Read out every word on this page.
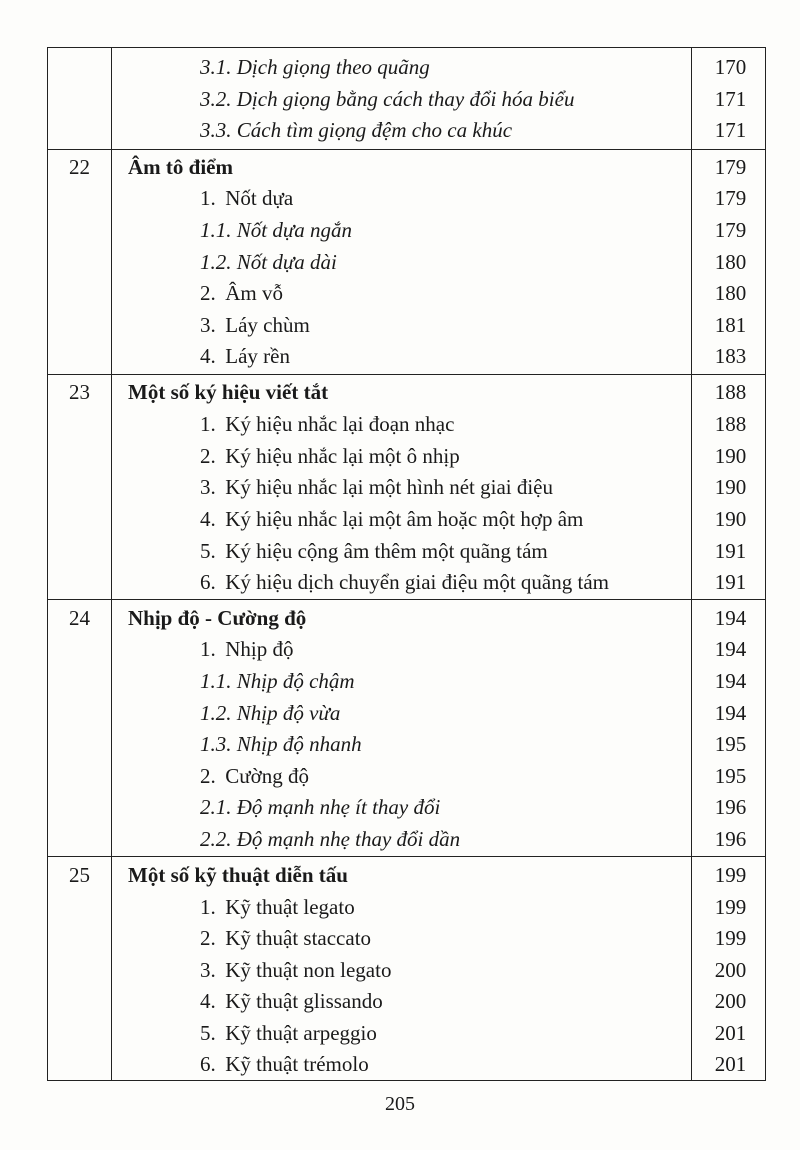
3.1. Dịch giọng theo quãng	170
3.2. Dịch giọng bằng cách thay đổi hóa biểu	171
3.3. Cách tìm giọng đệm cho ca khúc	171
22	Âm tô điểm	179
1. Nốt dựa	179
1.1. Nốt dựa ngắn	179
1.2. Nốt dựa dài	180
2. Âm vỗ	180
3. Láy chùm	181
4. Láy rền	183
23	Một số ký hiệu viết tắt	188
1. Ký hiệu nhắc lại đoạn nhạc	188
2. Ký hiệu nhắc lại một ô nhịp	190
3. Ký hiệu nhắc lại một hình nét giai điệu	190
4. Ký hiệu nhắc lại một âm hoặc một hợp âm	190
5. Ký hiệu cộng âm thêm một quãng tám	191
6. Ký hiệu dịch chuyển giai điệu một quãng tám	191
24	Nhịp độ - Cường độ	194
1. Nhịp độ	194
1.1. Nhịp độ chậm	194
1.2. Nhịp độ vừa	194
1.3. Nhịp độ nhanh	195
2. Cường độ	195
2.1. Độ mạnh nhẹ ít thay đổi	196
2.2. Độ mạnh nhẹ thay đổi dần	196
25	Một số kỹ thuật diễn tấu	199
1. Kỹ thuật legato	199
2. Kỹ thuật staccato	199
3. Kỹ thuật non legato	200
4. Kỹ thuật glissando	200
5. Kỹ thuật arpeggio	201
6. Kỹ thuật trémolo	201
205
